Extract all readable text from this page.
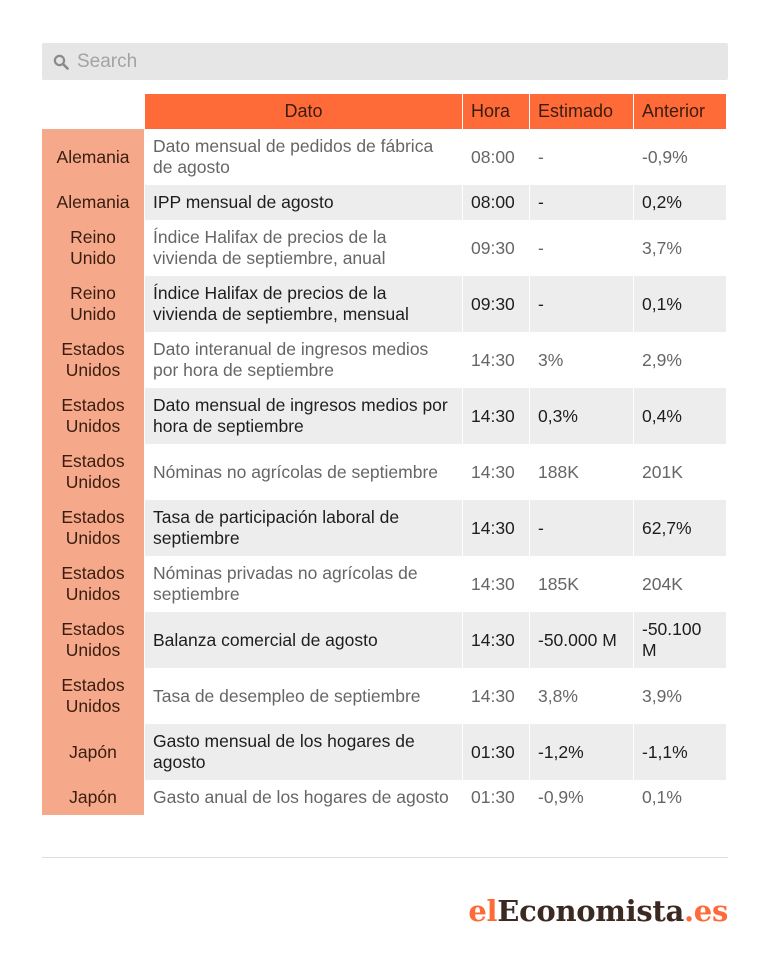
Search
	Dato	Hora	Estimado	Anterior
Alemania	Dato mensual de pedidos de fábrica de agosto	08:00	-	-0,9%
Alemania	IPP mensual de agosto	08:00	-	0,2%
Reino Unido	Índice Halifax de precios de la vivienda de septiembre, anual	09:30	-	3,7%
Reino Unido	Índice Halifax de precios de la vivienda de septiembre, mensual	09:30	-	0,1%
Estados Unidos	Dato interanual de ingresos medios por hora de septiembre	14:30	3%	2,9%
Estados Unidos	Dato mensual de ingresos medios por hora de septiembre	14:30	0,3%	0,4%
Estados Unidos	Nóminas no agrícolas de septiembre	14:30	188K	201K
Estados Unidos	Tasa de participación laboral de septiembre	14:30	-	62,7%
Estados Unidos	Nóminas privadas no agrícolas de septiembre	14:30	185K	204K
Estados Unidos	Balanza comercial de agosto	14:30	-50.000 M	-50.100 M
Estados Unidos	Tasa de desempleo de septiembre	14:30	3,8%	3,9%
Japón	Gasto mensual de los hogares de agosto	01:30	-1,2%	-1,1%
Japón	Gasto anual de los hogares de agosto	01:30	-0,9%	0,1%
elEconomista.es
